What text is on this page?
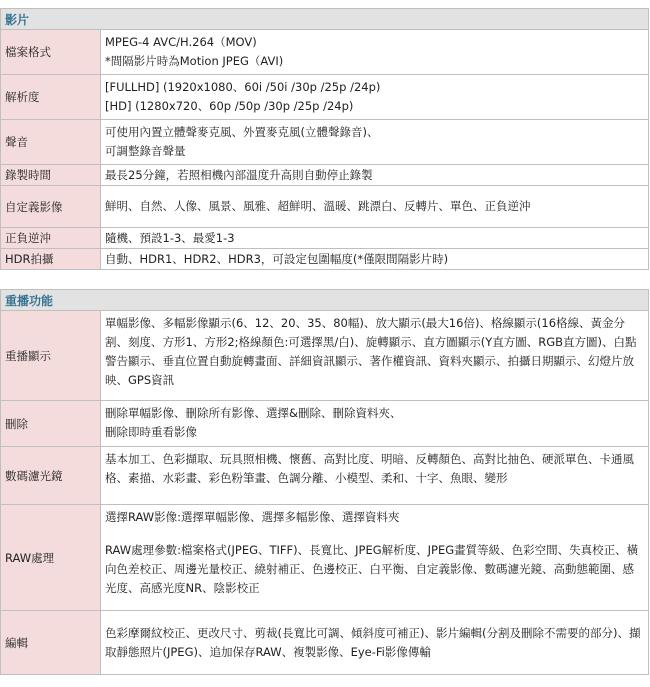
影片	
檔案格式	MPEG-4 AVC/H.264（MOV)
*間隔影片時為Motion JPEG（AVI)

解析度	[FULLHD] (1920x1080、60i /50i /30p /25p /24p)
[HD] (1280x720、60p /50p /30p /25p /24p)

聲音	可使用內置立體聲麥克風、外置麥克風(立體聲錄音)、
可調整錄音聲量

錄製時間	最長25分鐘，若照相機內部溫度升高則自動停止錄製

自定義影像	鮮明、自然、人像、風景、風雅、超鮮明、溫暖、跳漂白、反轉片、單色、正負逆沖

正負逆沖	隨機、預設1-3、最愛1-3

HDR拍攝	自動、HDR1、HDR2、HDR3，可設定包圍幅度(*僅限間隔影片時)
重播功能	
重播顯示	單幅影像、多幅影像顯示(6、12、20、35、80幅)、放大顯示(最大16倍)、格線顯示(16格線、黃金分割、刻度、方形1、方形2;格線顏色:可選擇黑/白)、旋轉顯示、直方圖顯示(Y直方圖、RGB直方圖)、白點警告顯示、垂直位置自動旋轉畫面、詳細資訊顯示、著作權資訊、資料夾顯示、拍攝日期顯示、幻燈片放映、GPS資訊

刪除	刪除單幅影像、刪除所有影像、選擇&刪除、刪除資料夾、
刪除即時重看影像

數碼濾光鏡	基本加工、色彩擷取、玩具照相機、懷舊、高對比度、明暗、反轉顏色、高對比抽色、硬派單色、卡通風格、素描、水彩畫、彩色粉筆畫、色調分離、小模型、柔和、十字、魚眼、變形

RAW處理	選擇RAW影像:選擇單幅影像、選擇多幅影像、選擇資料夾
RAW處理參數:檔案格式(JPEG、TIFF)、長寬比、JPEG解析度、JPEG畫質等級、色彩空間、失真校正、橫向色差校正、周邊光量校正、繞射補正、色邊校正、白平衡、自定義影像、數碼濾光鏡、高動態範圍、感光度、高感光度NR、陰影校正

編輯	色彩摩爾紋校正、更改尺寸、剪裁(長寬比可調、傾斜度可補正)、影片編輯(分割及刪除不需要的部分)、擷取靜態照片(JPEG)、追加保存RAW、複製影像、Eye-Fi影像傳輸
